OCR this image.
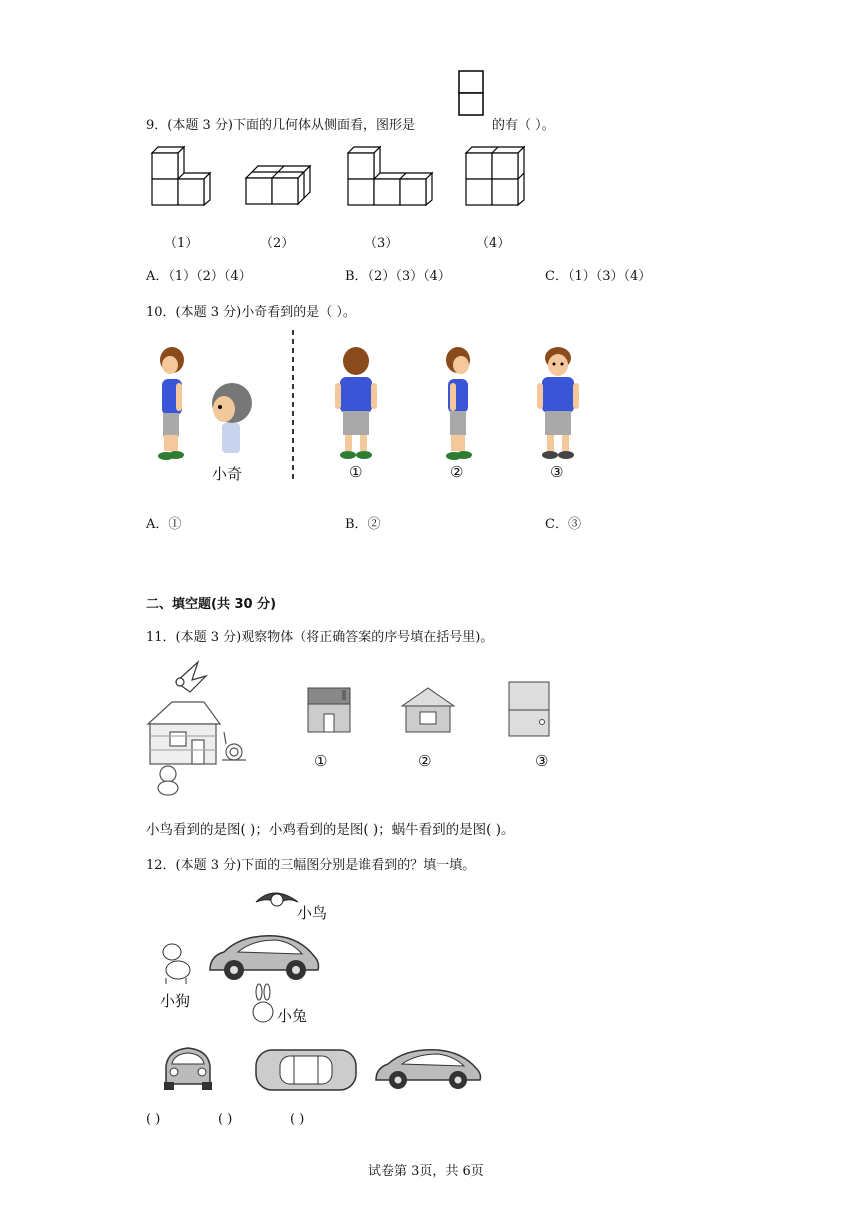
9．(本题 3 分)下面的几何体从侧面看，图形是	的有（ ）。
（1）	（2）	（3）	（4）
A．（1）（2）（4）	B．（2）（3）（4）	C．（1）（3）（4）
10．(本题 3 分)小奇看到的是（ ）。
小奇	①	②	③
A．①	B．②	C．③
二、填空题(共 30 分)
11．(本题 3 分)观察物体（将正确答案的序号填在括号里)。
①	②	③
小鸟看到的是图( )；小鸡看到的是图( )；蜗牛看到的是图( )。
12．(本题 3 分)下面的三幅图分别是谁看到的？填一填。
小鸟
小狗
小兔
( )	( )	( )
试卷第 3页，共 6页
